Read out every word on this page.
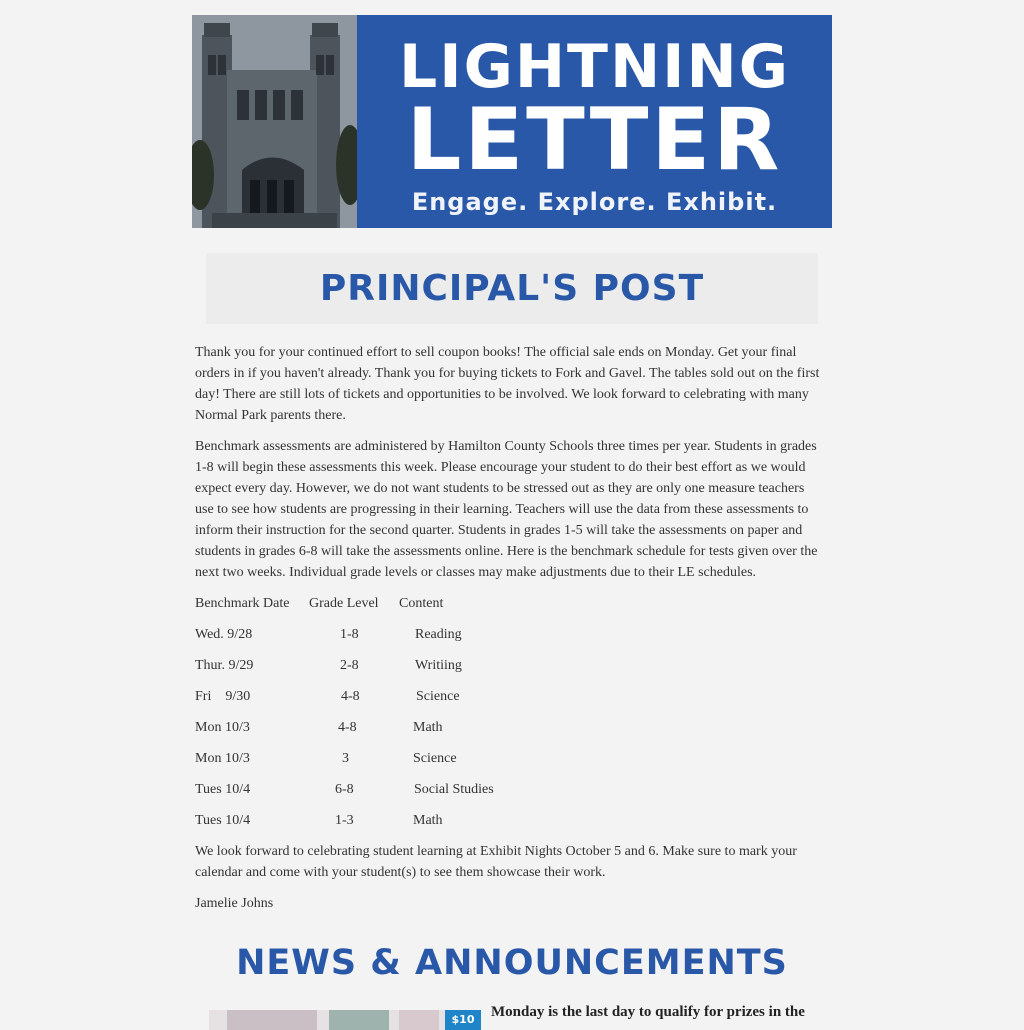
LIGHTNING
LETTER
Engage. Explore. Exhibit.
PRINCIPAL'S POST

Thank you for your continued effort to sell coupon books! The official sale ends on Monday. Get your final orders in if you haven't already. Thank you for buying tickets to Fork and Gavel. The tables sold out on the first day! There are still lots of tickets and opportunities to be involved. We look forward to celebrating with many Normal Park parents there.

Benchmark assessments are administered by Hamilton County Schools three times per year. Students in grades 1-8 will begin these assessments this week. Please encourage your student to do their best effort as we would expect every day. However, we do not want students to be stressed out as they are only one measure teachers use to see how students are progressing in their learning. Teachers will use the data from these assessments to inform their instruction for the second quarter. Students in grades 1-5 will take the assessments on paper and students in grades 6-8 will take the assessments online. Here is the benchmark schedule for tests given over the next two weeks. Individual grade levels or classes may make adjustments due to their LE schedules.

Benchmark Date Grade Level Content
Wed. 9/28	1-8	Reading
Thur. 9/29	2-8	Writiing
Fri    9/30	4-8	Science
Mon 10/3	4-8	Math
Mon 10/3	3	Science
Tues 10/4	6-8	Social Studies
Tues 10/4	1-3	Math

We look forward to celebrating student learning at Exhibit Nights October 5 and 6. Make sure to mark your calendar and come with your student(s) to see them showcase their work.

Jamelie Johns

NEWS & ANNOUNCEMENTS
$10	Monday is the last day to qualify for prizes in the
